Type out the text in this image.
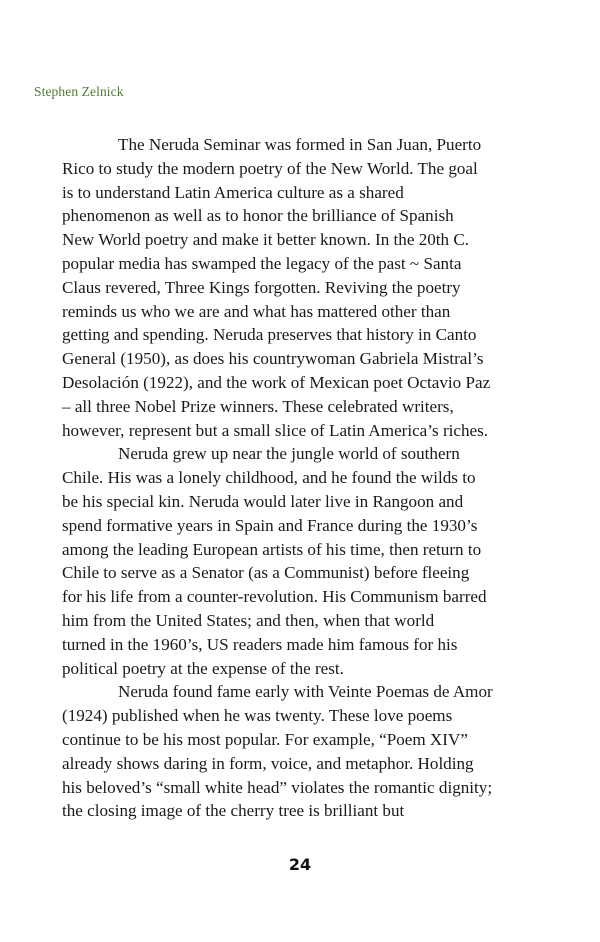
Stephen Zelnick
The Neruda Seminar was formed in San Juan, Puerto
Rico to study the modern poetry of the New World. The goal
is to understand Latin America culture as a shared
phenomenon as well as to honor the brilliance of Spanish
New World poetry and make it better known. In the 20th C.
popular media has swamped the legacy of the past ~ Santa
Claus revered, Three Kings forgotten. Reviving the poetry
reminds us who we are and what has mattered other than
getting and spending. Neruda preserves that history in Canto
General (1950), as does his countrywoman Gabriela Mistral’s
Desolación (1922), and the work of Mexican poet Octavio Paz
– all three Nobel Prize winners. These celebrated writers,
however, represent but a small slice of Latin America’s riches.
Neruda grew up near the jungle world of southern
Chile. His was a lonely childhood, and he found the wilds to
be his special kin. Neruda would later live in Rangoon and
spend formative years in Spain and France during the 1930’s
among the leading European artists of his time, then return to
Chile to serve as a Senator (as a Communist) before fleeing
for his life from a counter-revolution. His Communism barred
him from the United States; and then, when that world
turned in the 1960’s, US readers made him famous for his
political poetry at the expense of the rest.
Neruda found fame early with Veinte Poemas de Amor
(1924) published when he was twenty. These love poems
continue to be his most popular. For example, “Poem XIV”
already shows daring in form, voice, and metaphor. Holding
his beloved’s “small white head” violates the romantic dignity;
the closing image of the cherry tree is brilliant but
24
